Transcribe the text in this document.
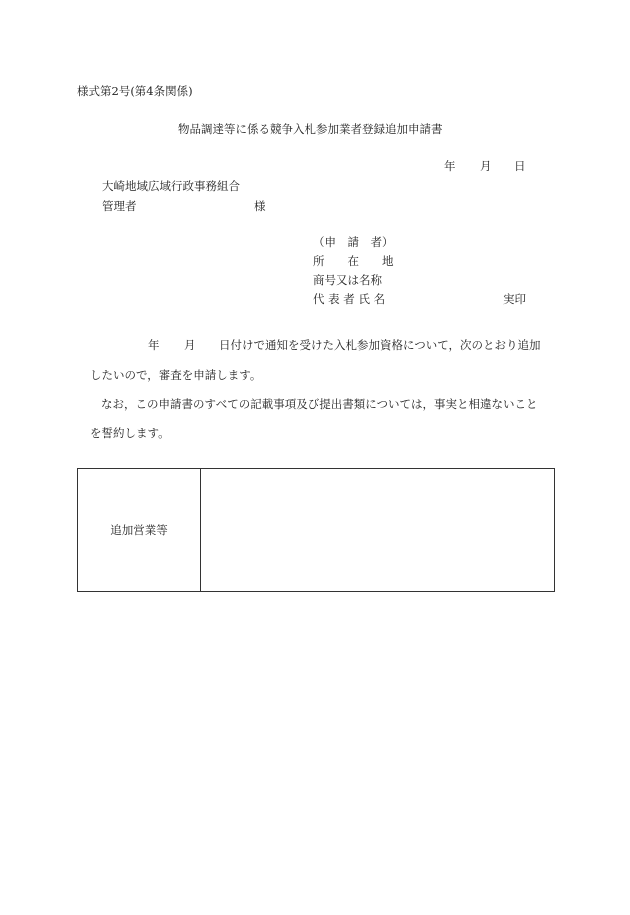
様式第2号(第4条関係)
物品調達等に係る競争入札参加業者登録追加申請書
年 月 日
大崎地域広域行政事務組合
管理者	様
（申　請　者）
所　　在　　地
商号又は名称
代 表 者 氏 名	実印
年 月 日付けで通知を受けた入札参加資格について，次のとおり追加
したいので，審査を申請します。
なお，この申請書のすべての記載事項及び提出書類については，事実と相違ないこと
を誓約します。
追加営業等
